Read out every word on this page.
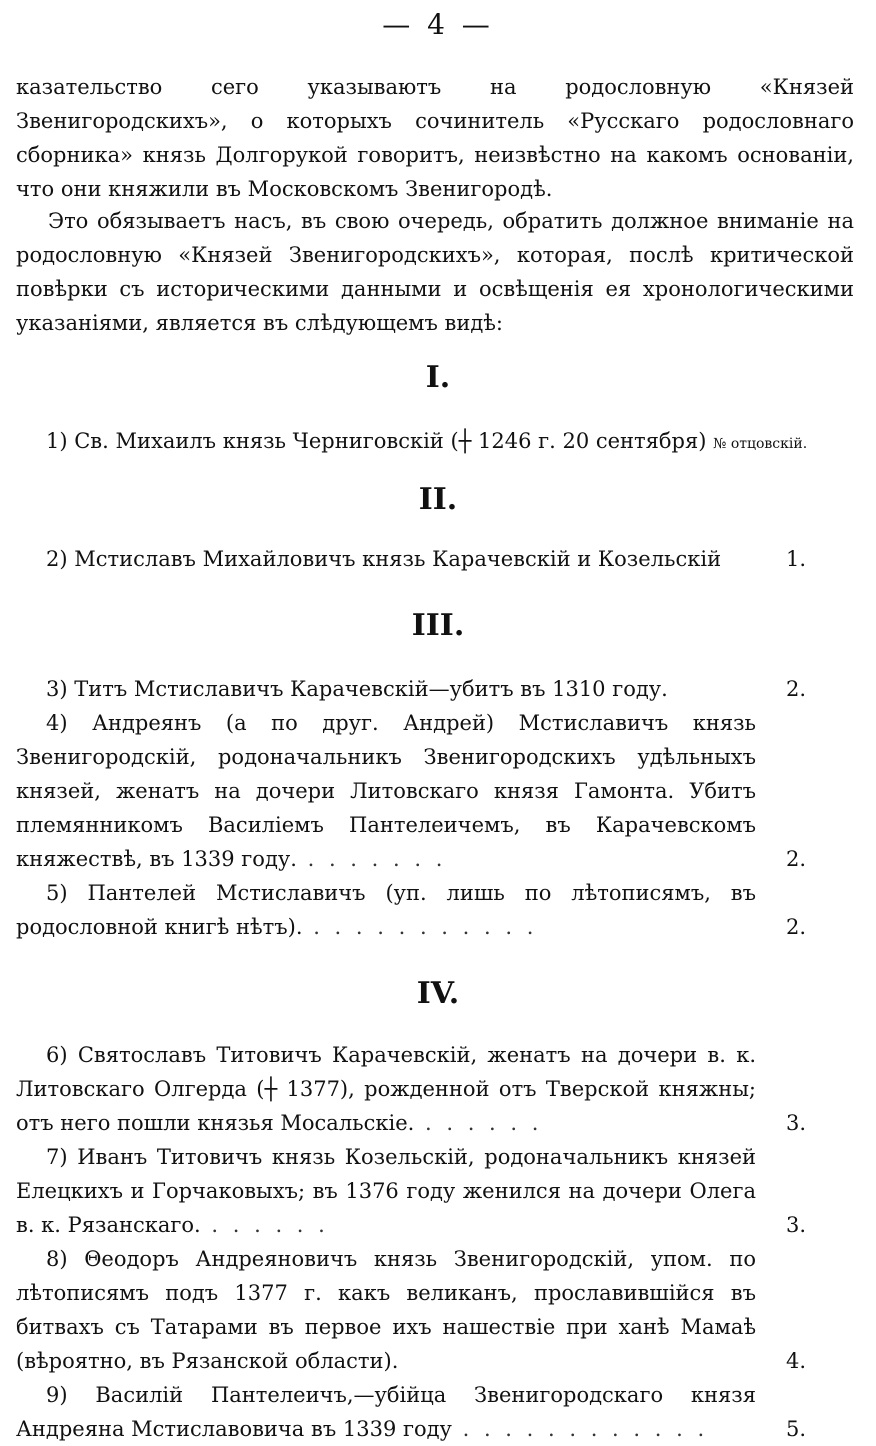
— 4 —

казательство сего указываютъ на родословную «Князей Звенигородскихъ», о которыхъ сочинитель «Русскаго родословнаго сборника» князь Долгорукой говоритъ, неизвѣстно на какомъ основаніи, что они княжили въ Московскомъ Звенигородѣ.

Это обязываетъ насъ, въ свою очередь, обратить должное вниманіе на родословную «Князей Звенигородскихъ», которая, послѣ критической повѣрки съ историческими данными и освѣщенія ея хронологическими указаніями, является въ слѣдующемъ видѣ:

I.

1) Св. Михаилъ князь Черниговскій (┼ 1246 г. 20 сентября) № отцовскій.

II.

2) Мстиславъ Михайловичъ князь Карачевскій и Козельскій	1.
III.

3) Титъ Мстиславичъ Карачевскій—убитъ въ 1310 году.	2.

4) Андреянъ (а по друг. Андрей) Мстиславичъ князь Звенигородскій, родоначальникъ Звенигородскихъ удѣльныхъ князей, женатъ на дочери Литовскаго князя Гамонта. Убитъ племянникомъ Василіемъ Пантелеичемъ, въ Карачевскомъ княжествѣ, въ 1339 году. . . . . . . .	2.

5) Пантелей Мстиславичъ (уп. лишь по лѣтописямъ, въ родословной книгѣ нѣтъ). . . . . . . . . . . .	2.
IV.

6) Святославъ Титовичъ Карачевскій, женатъ на дочери в. к. Литовскаго Олгерда (┼ 1377), рожденной отъ Тверской княжны; отъ него пошли князья Мосальскіе. . . . . . .	3.

7) Иванъ Титовичъ князь Козельскій, родоначальникъ князей Елецкихъ и Горчаковыхъ; въ 1376 году женился на дочери Олега в. к. Рязанскаго. . . . . . .	3.

8) Θеодоръ Андреяновичъ князь Звенигородскій, упом. по лѣтописямъ подъ 1377 г. какъ великанъ, прославившійся въ битвахъ съ Татарами въ первое ихъ нашествіе при ханѣ Мамаѣ (вѣроятно, въ Рязанской области).	4.

9) Василій Пантелеичъ,—убійца Звенигородскаго князя Андреяна Мстиславовича въ 1339 году . . . . . . . . . . . .	5.
